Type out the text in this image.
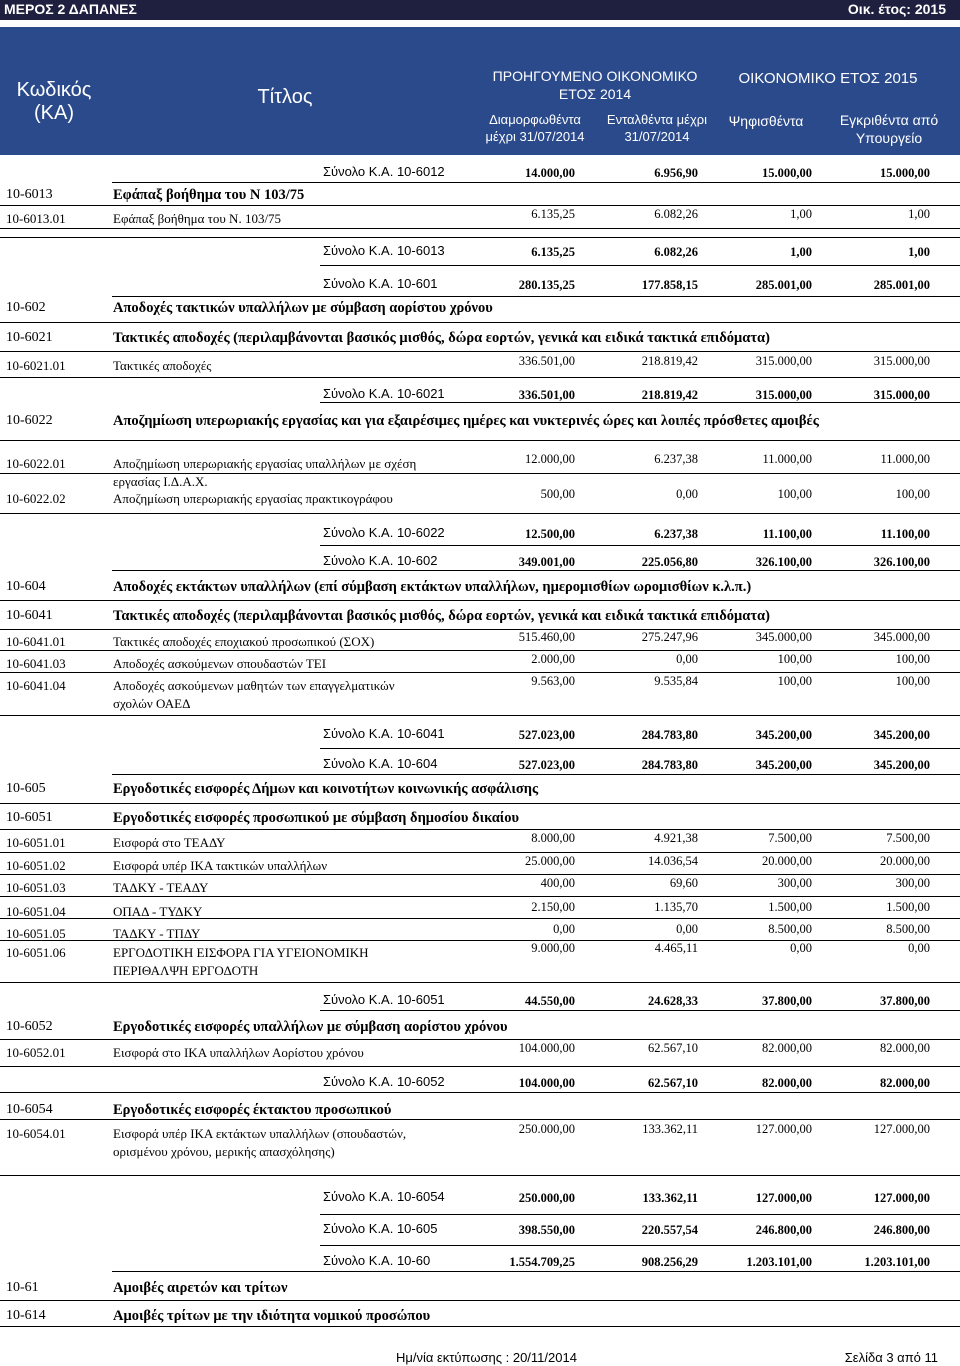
ΜΕΡΟΣ 2 ΔΑΠΑΝΕΣ	Οικ. έτος: 2015
Κωδικός
(ΚΑ)
Τίτλος
ΠΡΟΗΓΟΥΜΕΝΟ ΟΙΚΟΝΟΜΙΚΟ
ΕΤΟΣ 2014
Διαμορφωθέντα
μέχρι 31/07/2014
Ενταλθέντα μέχρι
31/07/2014
ΟΙΚΟΝΟΜΙΚΟ ΕΤΟΣ 2015
Ψηφισθέντα	Εγκριθέντα από
Υπουργείο
Σύνολο Κ.Α. 10-6012	14.000,00	6.956,90	15.000,00	15.000,00
10-6013	Εφάπαξ βοήθημα του Ν 103/75
10-6013.01	Εφάπαξ βοήθημα του Ν. 103/75	6.135,25	6.082,26	1,00	1,00
Σύνολο Κ.Α. 10-6013	6.135,25	6.082,26	1,00	1,00
Σύνολο Κ.Α. 10-601	280.135,25	177.858,15	285.001,00	285.001,00
10-602	Αποδοχές τακτικών υπαλλήλων με σύμβαση αορίστου χρόνου
10-6021	Τακτικές αποδοχές (περιλαμβάνονται βασικός μισθός, δώρα εορτών, γενικά και ειδικά τακτικά επιδόματα)
10-6021.01	Τακτικές αποδοχές	336.501,00	218.819,42	315.000,00	315.000,00
Σύνολο Κ.Α. 10-6021	336.501,00	218.819,42	315.000,00	315.000,00
10-6022	Αποζημίωση υπερωριακής εργασίας και για εξαιρέσιμες ημέρες και νυκτερινές ώρες και λοιπές πρόσθετες αμοιβές
10-6022.01	Αποζημίωση υπερωριακής εργασίας υπαλλήλων με σχέση
εργασίας Ι.Δ.Α.Χ.
12.000,00	6.237,38	11.000,00	11.000,00
10-6022.02	Αποζημίωση υπερωριακής εργασίας πρακτικογράφου	500,00	0,00	100,00	100,00
Σύνολο Κ.Α. 10-6022	12.500,00	6.237,38	11.100,00	11.100,00
Σύνολο Κ.Α. 10-602	349.001,00	225.056,80	326.100,00	326.100,00
10-604	Αποδοχές εκτάκτων υπαλλήλων (επί σύμβαση εκτάκτων υπαλλήλων, ημερομισθίων ωρομισθίων κ.λ.π.)
10-6041	Τακτικές αποδοχές (περιλαμβάνονται βασικός μισθός, δώρα εορτών, γενικά και ειδικά τακτικά επιδόματα)
10-6041.01	Τακτικές αποδοχές εποχιακού προσωπικού (ΣΟΧ)	515.460,00	275.247,96	345.000,00	345.000,00
10-6041.03	Αποδοχές ασκούμενων σπουδαστών ΤΕΙ	2.000,00	0,00	100,00	100,00
10-6041.04	Αποδοχές ασκούμενων μαθητών των επαγγελματικών
σχολών ΟΑΕΔ
9.563,00	9.535,84	100,00	100,00
Σύνολο Κ.Α. 10-6041	527.023,00	284.783,80	345.200,00	345.200,00
Σύνολο Κ.Α. 10-604	527.023,00	284.783,80	345.200,00	345.200,00
10-605	Εργοδοτικές εισφορές Δήμων και κοινοτήτων κοινωνικής ασφάλισης
10-6051	Εργοδοτικές εισφορές προσωπικού με σύμβαση δημοσίου δικαίου
10-6051.01	Εισφορά στο ΤΕΑΔΥ	8.000,00	4.921,38	7.500,00	7.500,00
10-6051.02	Εισφορά υπέρ ΙΚΑ τακτικών υπαλλήλων	25.000,00	14.036,54	20.000,00	20.000,00
10-6051.03	ΤΑΔΚΥ - ΤΕΑΔΥ	400,00	69,60	300,00	300,00
10-6051.04	ΟΠΑΔ - ΤΥΔΚΥ	2.150,00	1.135,70	1.500,00	1.500,00
10-6051.05	ΤΑΔΚΥ - ΤΠΔΥ	0,00	0,00	8.500,00	8.500,00
10-6051.06	ΕΡΓΟΔΟΤΙΚΗ ΕΙΣΦΟΡΑ ΓΙΑ ΥΓΕΙΟΝΟΜΙΚΗ
ΠΕΡΙΘΑΛΨΗ ΕΡΓΟΔΟΤΗ
9.000,00	4.465,11	0,00	0,00
Σύνολο Κ.Α. 10-6051	44.550,00	24.628,33	37.800,00	37.800,00
10-6052	Εργοδοτικές εισφορές υπαλλήλων με σύμβαση αορίστου χρόνου
10-6052.01	Εισφορά στο ΙΚΑ υπαλλήλων Αορίστου χρόνου	104.000,00	62.567,10	82.000,00	82.000,00
Σύνολο Κ.Α. 10-6052	104.000,00	62.567,10	82.000,00	82.000,00
10-6054	Εργοδοτικές εισφορές έκτακτου προσωπικού
10-6054.01	Εισφορά υπέρ ΙΚΑ εκτάκτων υπαλλήλων (σπουδαστών,
ορισμένου χρόνου, μερικής απασχόλησης)
250.000,00	133.362,11	127.000,00	127.000,00
Σύνολο Κ.Α. 10-6054	250.000,00	133.362,11	127.000,00	127.000,00
Σύνολο Κ.Α. 10-605	398.550,00	220.557,54	246.800,00	246.800,00
Σύνολο Κ.Α. 10-60	1.554.709,25	908.256,29	1.203.101,00	1.203.101,00
10-61	Αμοιβές αιρετών και τρίτων
10-614	Αμοιβές τρίτων με την ιδιότητα νομικού προσώπου
Ημ/νία εκτύπωσης : 20/11/2014	Σελίδα 3 από 11
